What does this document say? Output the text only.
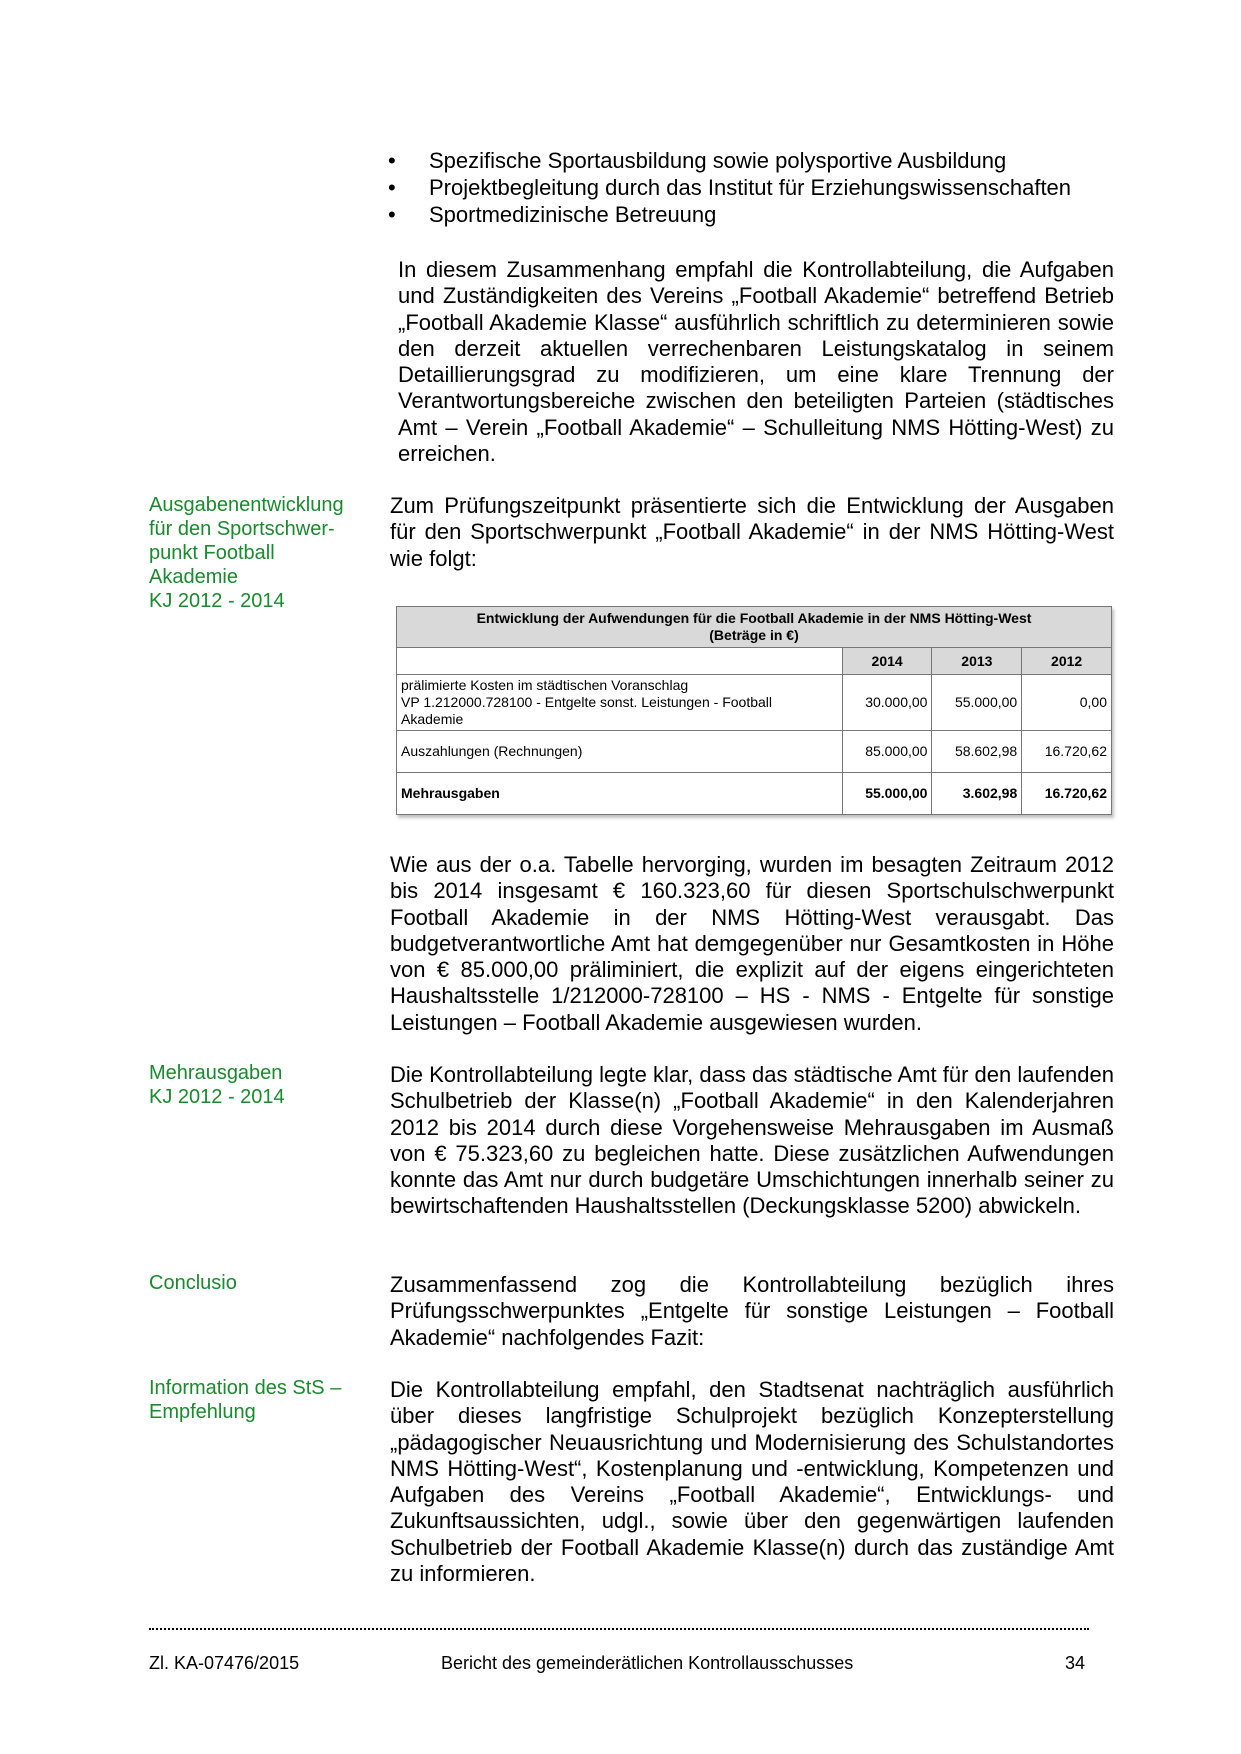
• Spezifische Sportausbildung sowie polysportive Ausbildung
• Projektbegleitung durch das Institut für Erziehungswissenschaften
• Sportmedizinische Betreuung

In diesem Zusammenhang empfahl die Kontrollabteilung, die Aufgaben und Zuständigkeiten des Vereins „Football Akademie“ betreffend Betrieb „Football Akademie Klasse“ ausführlich schriftlich zu determinieren sowie den derzeit aktuellen verrechenbaren Leistungskatalog in seinem Detaillierungsgrad zu modifizieren, um eine klare Trennung der Verantwortungsbereiche zwischen den beteiligten Parteien (städtisches Amt – Verein „Football Akademie“ – Schulleitung NMS Hötting-West) zu erreichen.

Ausgabenentwicklung
für den Sportschwer-
punkt Football
Akademie
KJ 2012 - 2014

Zum Prüfungszeitpunkt präsentierte sich die Entwicklung der Ausgaben für den Sportschwerpunkt „Football Akademie“ in der NMS Hötting-West wie folgt:

Entwicklung der Aufwendungen für die Football Akademie in der NMS Hötting-West
(Beträge in €)			

	2014	2013	2012

prälimierte Kosten im städtischen Voranschlag
VP 1.212000.728100 - Entgelte sonst. Leistungen - Football
Akademie	30.000,00	55.000,00	0,00
Auszahlungen (Rechnungen)	85.000,00	58.602,98	16.720,62
Mehrausgaben	55.000,00	3.602,98	16.720,62

Wie aus der o.a. Tabelle hervorging, wurden im besagten Zeitraum 2012 bis 2014 insgesamt € 160.323,60 für diesen Sportschulschwerpunkt Football Akademie in der NMS Hötting-West verausgabt. Das budgetverantwortliche Amt hat demgegenüber nur Gesamtkosten in Höhe von € 85.000,00 präliminiert, die explizit auf der eigens eingerichteten Haushaltsstelle 1/212000-728100 – HS - NMS - Entgelte für sonstige Leistungen – Football Akademie ausgewiesen wurden.

Mehrausgaben
KJ 2012 - 2014

Die Kontrollabteilung legte klar, dass das städtische Amt für den laufenden Schulbetrieb der Klasse(n) „Football Akademie“ in den Kalenderjahren 2012 bis 2014 durch diese Vorgehensweise Mehrausgaben im Ausmaß von € 75.323,60 zu begleichen hatte. Diese zusätzlichen Aufwendungen konnte das Amt nur durch budgetäre Umschichtungen innerhalb seiner zu bewirtschaftenden Haushaltsstellen (Deckungsklasse 5200) abwickeln.

Conclusio	Zusammenfassend zog die Kontrollabteilung bezüglich ihres Prüfungsschwerpunktes „Entgelte für sonstige Leistungen – Football Akademie“ nachfolgendes Fazit:

Information des StS –
Empfehlung

Die Kontrollabteilung empfahl, den Stadtsenat nachträglich ausführlich über dieses langfristige Schulprojekt bezüglich Konzepterstellung „pädagogischer Neuausrichtung und Modernisierung des Schulstandortes NMS Hötting-West“, Kostenplanung und -entwicklung, Kompetenzen und Aufgaben des Vereins „Football Akademie“, Entwicklungs- und Zukunftsaussichten, udgl., sowie über den gegenwärtigen laufenden Schulbetrieb der Football Akademie Klasse(n) durch das zuständige Amt zu informieren.

Zl. KA-07476/2015	Bericht des gemeinderätlichen Kontrollausschusses	34
